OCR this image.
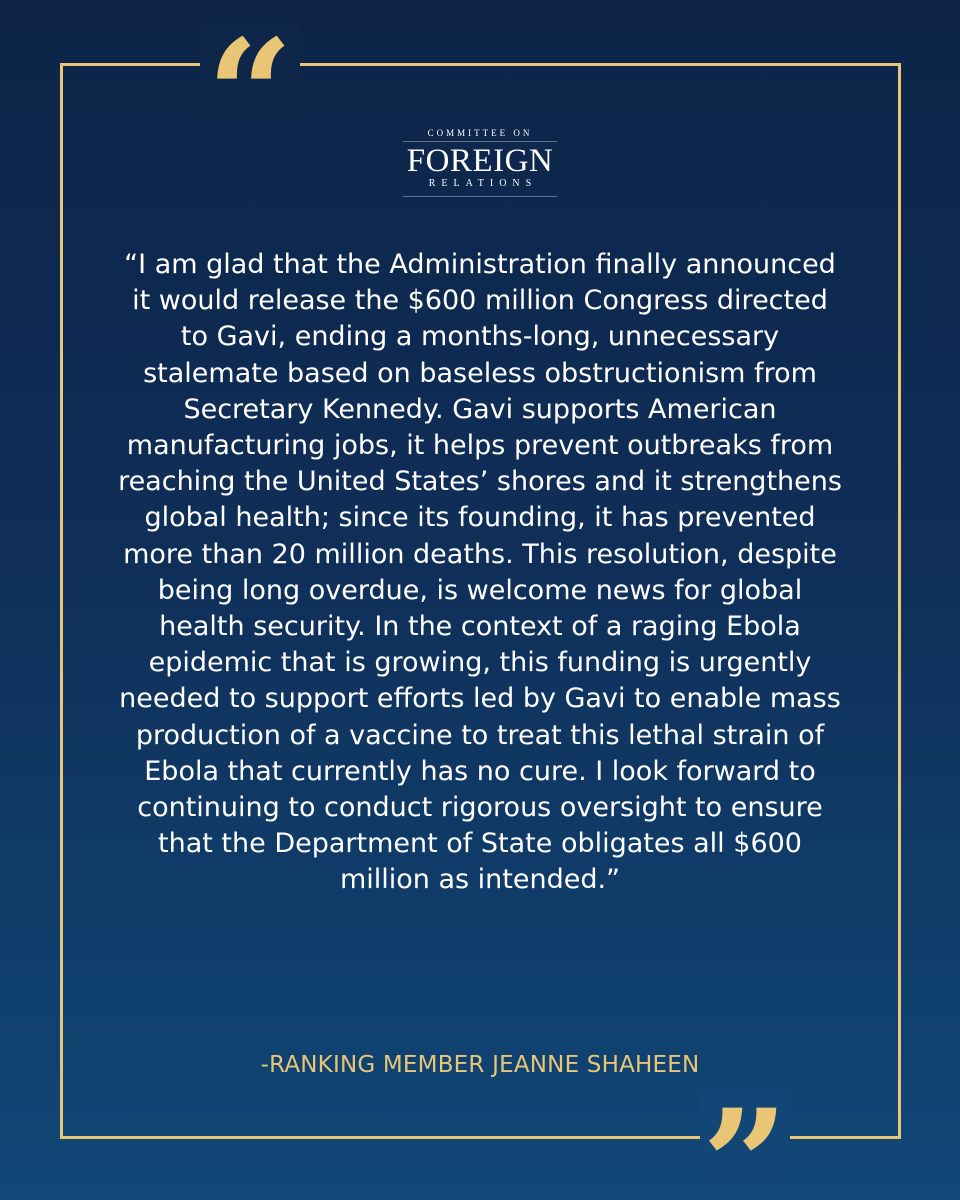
“	COMMITTEE ON
FOREIGN
RELATIONS

“I am glad that the Administration finally announced it would release the $600 million Congress directed to Gavi, ending a months-long, unnecessary stalemate based on baseless obstructionism from Secretary Kennedy. Gavi supports American manufacturing jobs, it helps prevent outbreaks from reaching the United States’ shores and it strengthens global health; since its founding, it has prevented more than 20 million deaths. This resolution, despite being long overdue, is welcome news for global health security. In the context of a raging Ebola epidemic that is growing, this funding is urgently needed to support efforts led by Gavi to enable mass production of a vaccine to treat this lethal strain of Ebola that currently has no cure. I look forward to continuing to conduct rigorous oversight to ensure that the Department of State obligates all $600 million as intended.”

-RANKING MEMBER JEANNE SHAHEEN
”
